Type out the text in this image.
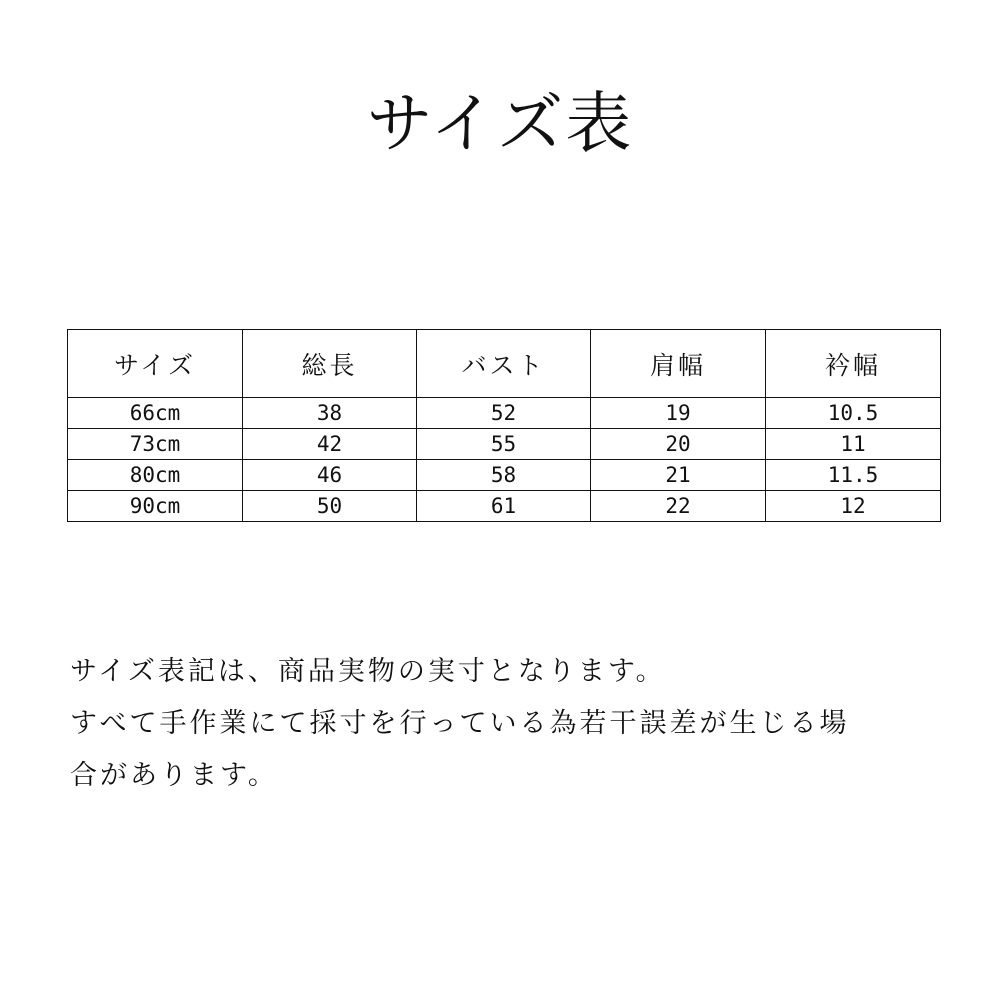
サイズ表
サイズ	総長	バスト	肩幅	衿幅
66cm	38	52	19	10.5
73cm	42	55	20	11
80cm	46	58	21	11.5
90cm	50	61	22	12

サイズ表記は、商品実物の実寸となります。

すべて手作業にて採寸を行っている為若干誤差が生じる場

合があります。
